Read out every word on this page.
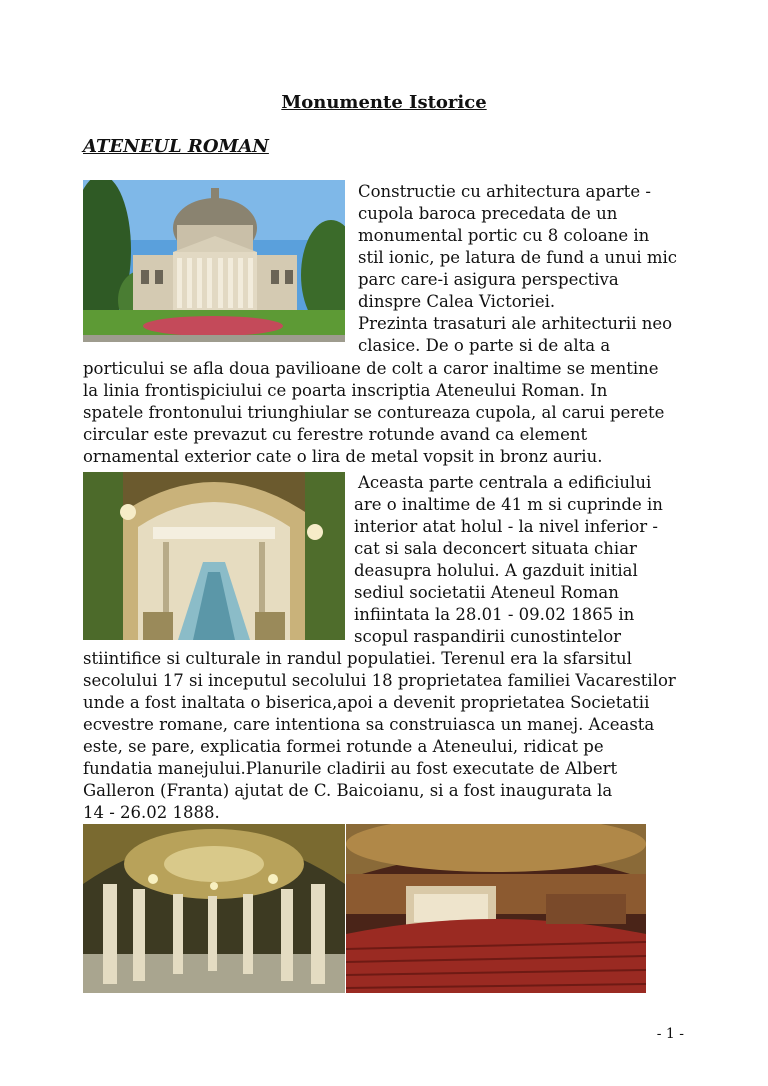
Monumente Istorice
ATENEUL ROMAN
Constructie cu arhitectura aparte -
cupola baroca precedata de un
monumental portic cu 8 coloane in
stil ionic, pe latura de fund a unui mic
parc care-i asigura perspectiva
dinspre Calea Victoriei.
Prezinta trasaturi ale arhitecturii neo
clasice. De o parte si de alta a
porticului se afla doua pavilioane de colt a caror inaltime se mentine
la linia frontispiciului ce poarta inscriptia Ateneului Roman. In
spatele frontonului triunghiular se contureaza cupola, al carui perete
circular este prevazut cu ferestre rotunde avand ca element
ornamental exterior cate o lira de metal vopsit in bronz auriu.
Aceasta parte centrala a edificiului
are o inaltime de 41 m si cuprinde in
interior atat holul - la nivel inferior -
cat si sala deconcert situata chiar
deasupra holului. A gazduit initial
sediul societatii Ateneul Roman
infiintata la 28.01 - 09.02 1865 in
scopul raspandirii cunostintelor
stiintifice si culturale in randul populatiei. Terenul era la sfarsitul
secolului 17 si inceputul secolului 18 proprietatea familiei Vacarestilor
unde a fost inaltata o biserica,apoi a devenit proprietatea Societatii
ecvestre romane, care intentiona sa construiasca un manej. Aceasta
este, se pare, explicatia formei rotunde a Ateneului, ridicat pe
fundatia manejului.Planurile cladirii au fost executate de Albert
Galleron (Franta) ajutat de C. Baicoianu, si a fost inaugurata la
14 - 26.02 1888.
- 1 -
